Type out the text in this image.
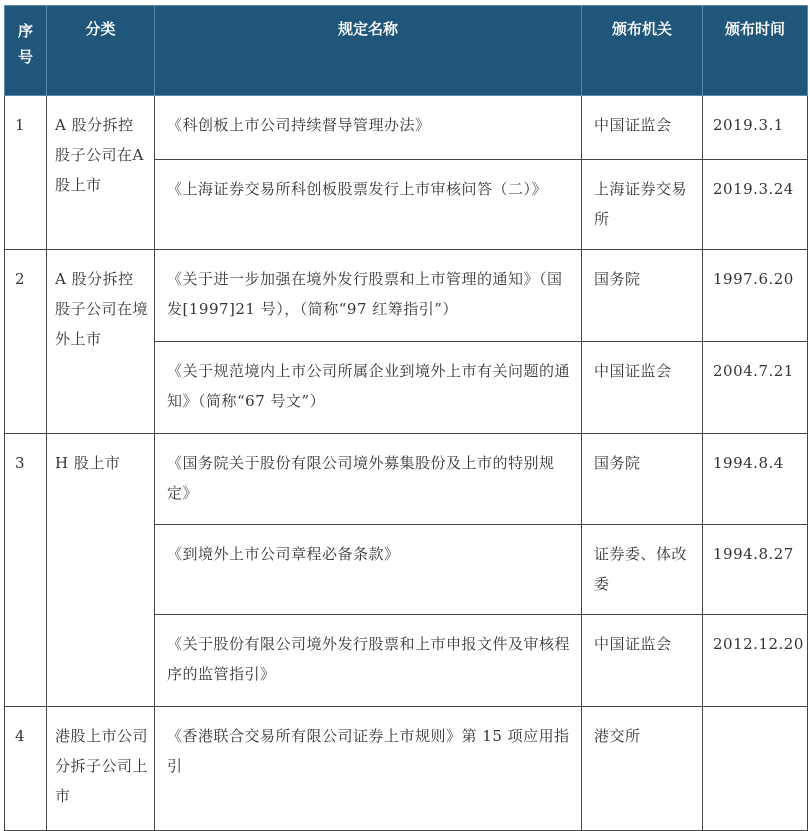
序号	分类	规定名称	颁布机关	颁布时间
1	A 股分拆控股子公司在A股上市	《科创板上市公司持续督导管理办法》	中国证监会	2019.3.1
		《上海证券交易所科创板股票发行上市审核问答（二）》	上海证券交易所	2019.3.24
2	A 股分拆控股子公司在境外上市	《关于进一步加强在境外发行股票和上市管理的通知》（国发[1997]21 号），（简称“97 红筹指引”）	国务院	1997.6.20
		《关于规范境内上市公司所属企业到境外上市有关问题的通知》（简称“67 号文”）	中国证监会	2004.7.21
3	H 股上市	《国务院关于股份有限公司境外募集股份及上市的特别规定》	国务院	1994.8.4
		《到境外上市公司章程必备条款》	证券委、体改委	1994.8.27
		《关于股份有限公司境外发行股票和上市申报文件及审核程序的监管指引》	中国证监会	2012.12.20
4	港股上市公司分拆子公司上市	《香港联合交易所有限公司证券上市规则》第 15 项应用指引	港交所	
